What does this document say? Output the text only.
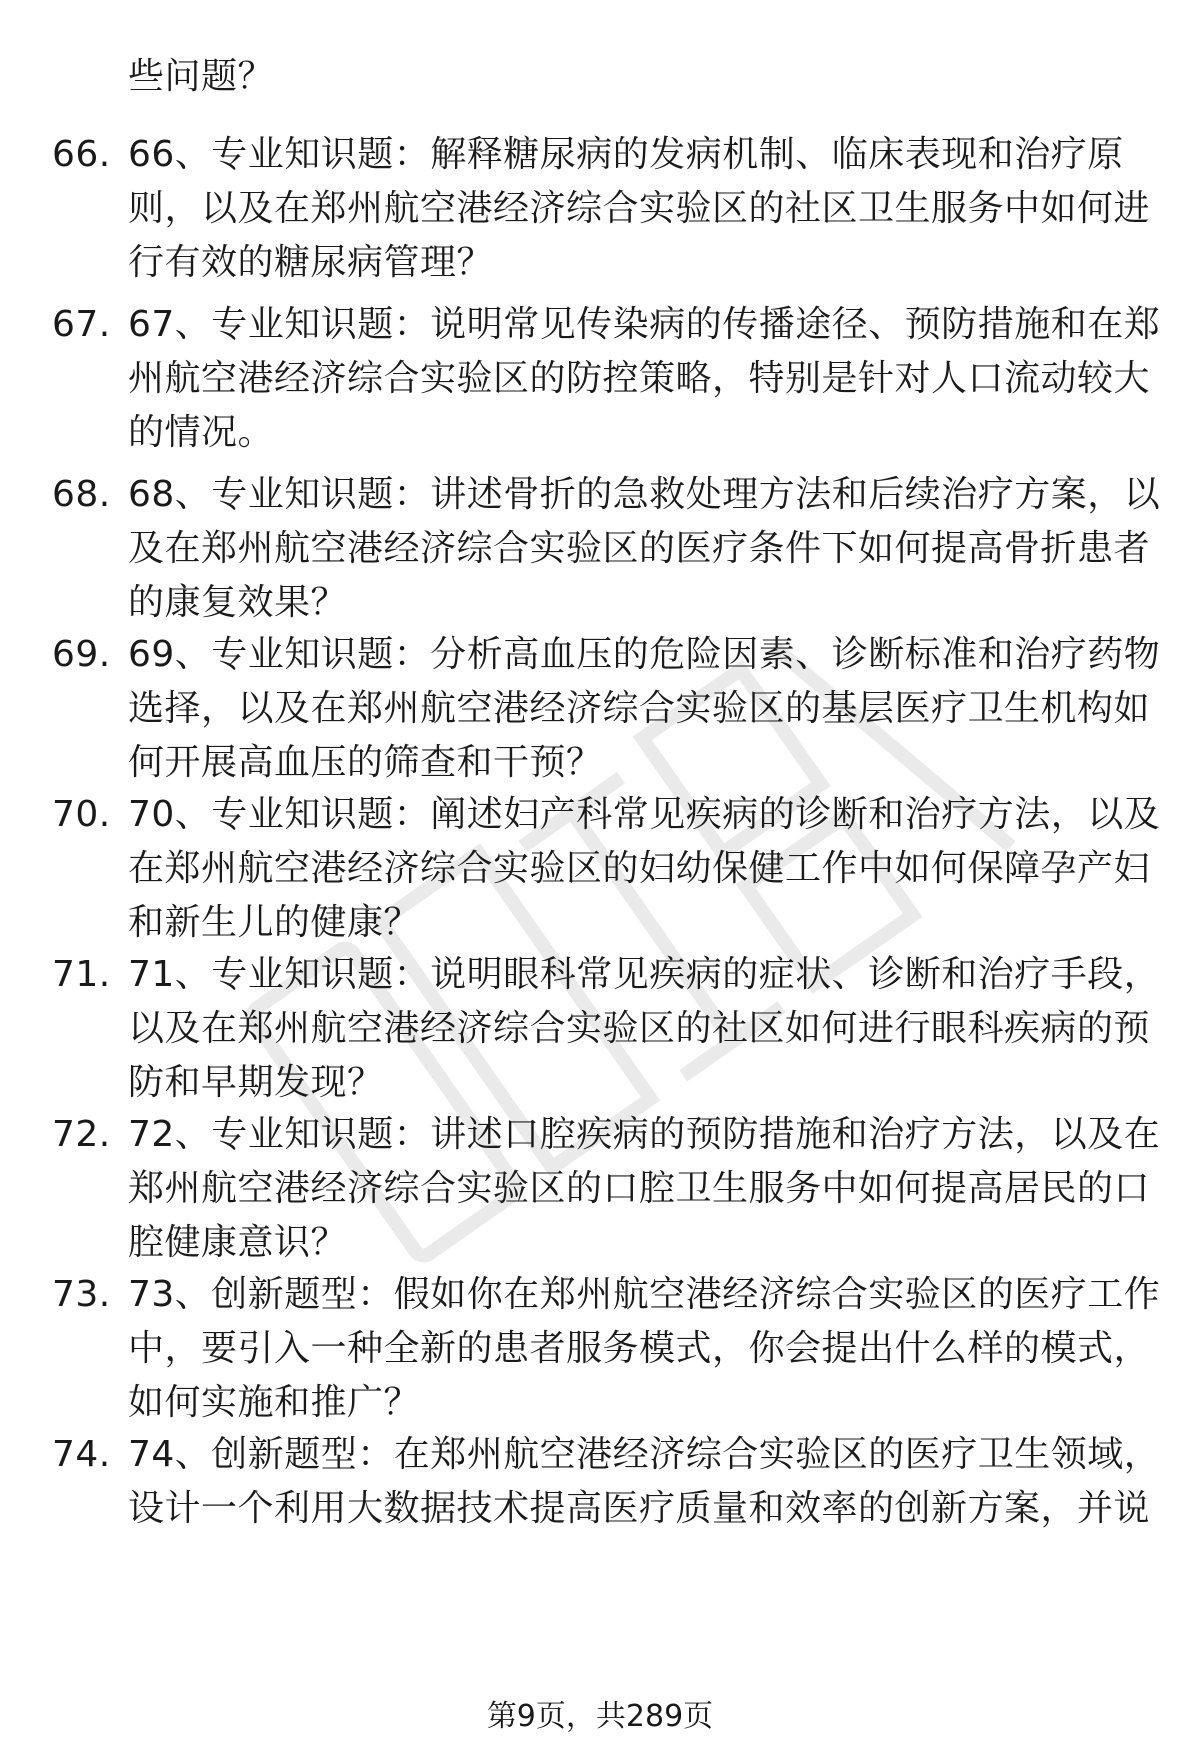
些问题？
66. 66、专业知识题：解释糖尿病的发病机制、临床表现和治疗原
则，以及在郑州航空港经济综合实验区的社区卫生服务中如何进
行有效的糖尿病管理？
67. 67、专业知识题：说明常见传染病的传播途径、预防措施和在郑
州航空港经济综合实验区的防控策略，特别是针对人口流动较大
的情况。
68. 68、专业知识题：讲述骨折的急救处理方法和后续治疗方案，以
及在郑州航空港经济综合实验区的医疗条件下如何提高骨折患者
的康复效果？
69. 69、专业知识题：分析高血压的危险因素、诊断标准和治疗药物
选择，以及在郑州航空港经济综合实验区的基层医疗卫生机构如
何开展高血压的筛查和干预？
70. 70、专业知识题：阐述妇产科常见疾病的诊断和治疗方法，以及
在郑州航空港经济综合实验区的妇幼保健工作中如何保障孕产妇
和新生儿的健康？
71. 71、专业知识题：说明眼科常见疾病的症状、诊断和治疗手段，
以及在郑州航空港经济综合实验区的社区如何进行眼科疾病的预
防和早期发现？
72. 72、专业知识题：讲述口腔疾病的预防措施和治疗方法，以及在
郑州航空港经济综合实验区的口腔卫生服务中如何提高居民的口
腔健康意识？
73. 73、创新题型：假如你在郑州航空港经济综合实验区的医疗工作
中，要引入一种全新的患者服务模式，你会提出什么样的模式，
如何实施和推广？
74. 74、创新题型：在郑州航空港经济综合实验区的医疗卫生领域，
设计一个利用大数据技术提高医疗质量和效率的创新方案，并说
第9页，共289页
